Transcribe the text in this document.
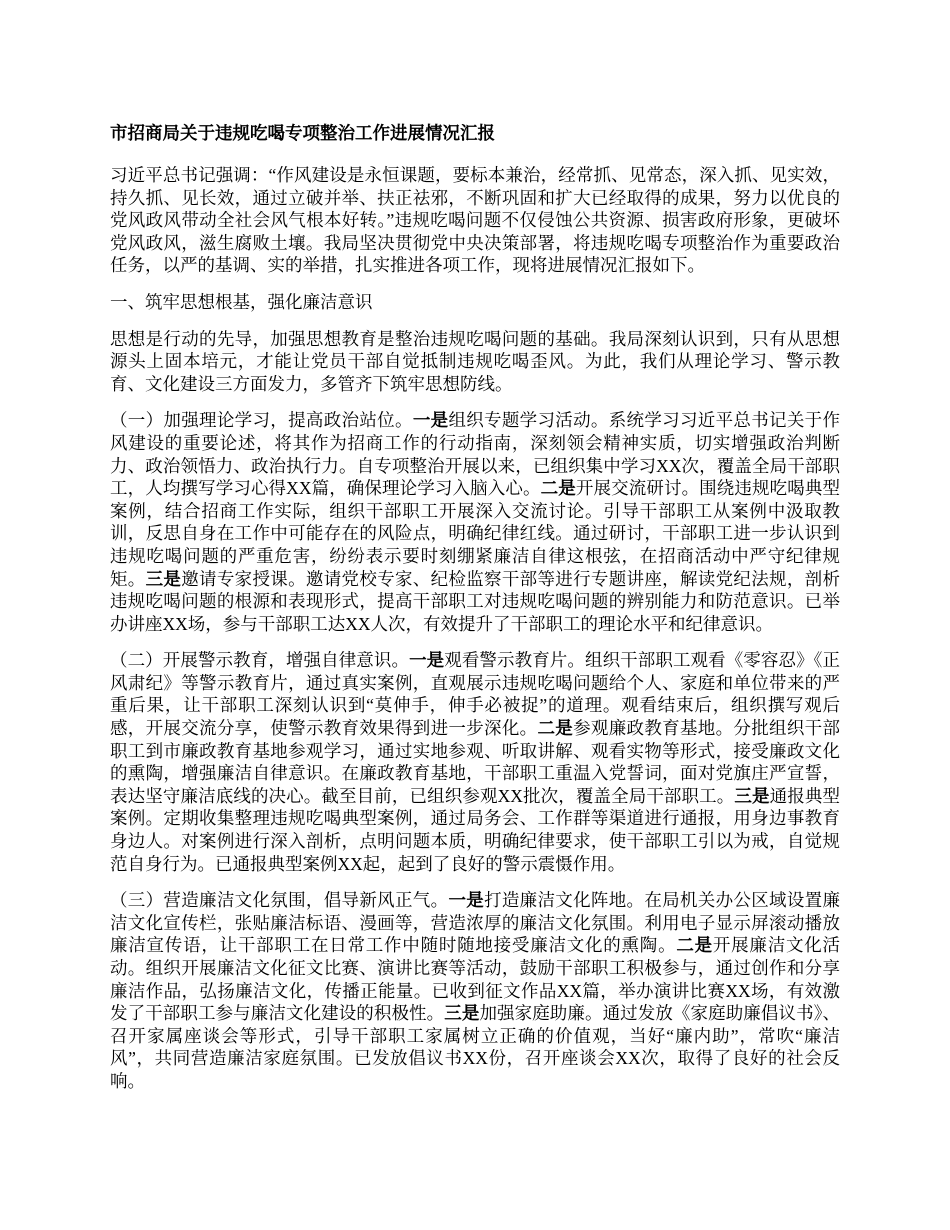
市招商局关于违规吃喝专项整治工作进展情况汇报

习近平总书记强调：“作风建设是永恒课题，要标本兼治，经常抓、见常态，深入抓、见实效，持久抓、见长效，通过立破并举、扶正祛邪，不断巩固和扩大已经取得的成果，努力以优良的党风政风带动全社会风气根本好转。”违规吃喝问题不仅侵蚀公共资源、损害政府形象，更破坏党风政风，滋生腐败土壤。我局坚决贯彻党中央决策部署，将违规吃喝专项整治作为重要政治任务，以严的基调、实的举措，扎实推进各项工作，现将进展情况汇报如下。

一、筑牢思想根基，强化廉洁意识

思想是行动的先导，加强思想教育是整治违规吃喝问题的基础。我局深刻认识到，只有从思想源头上固本培元，才能让党员干部自觉抵制违规吃喝歪风。为此，我们从理论学习、警示教育、文化建设三方面发力，多管齐下筑牢思想防线。

（一）加强理论学习，提高政治站位。一是组织专题学习活动。系统学习习近平总书记关于作风建设的重要论述，将其作为招商工作的行动指南，深刻领会精神实质，切实增强政治判断力、政治领悟力、政治执行力。自专项整治开展以来，已组织集中学习XX次，覆盖全局干部职工，人均撰写学习心得XX篇，确保理论学习入脑入心。二是开展交流研讨。围绕违规吃喝典型案例，结合招商工作实际，组织干部职工开展深入交流讨论。引导干部职工从案例中汲取教训，反思自身在工作中可能存在的风险点，明确纪律红线。通过研讨，干部职工进一步认识到违规吃喝问题的严重危害，纷纷表示要时刻绷紧廉洁自律这根弦，在招商活动中严守纪律规矩。三是邀请专家授课。邀请党校专家、纪检监察干部等进行专题讲座，解读党纪法规，剖析违规吃喝问题的根源和表现形式，提高干部职工对违规吃喝问题的辨别能力和防范意识。已举办讲座XX场，参与干部职工达XX人次，有效提升了干部职工的理论水平和纪律意识。

（二）开展警示教育，增强自律意识。一是观看警示教育片。组织干部职工观看《零容忍》《正风肃纪》等警示教育片，通过真实案例，直观展示违规吃喝问题给个人、家庭和单位带来的严重后果，让干部职工深刻认识到“莫伸手，伸手必被捉”的道理。观看结束后，组织撰写观后感，开展交流分享，使警示教育效果得到进一步深化。二是参观廉政教育基地。分批组织干部职工到市廉政教育基地参观学习，通过实地参观、听取讲解、观看实物等形式，接受廉政文化的熏陶，增强廉洁自律意识。在廉政教育基地，干部职工重温入党誓词，面对党旗庄严宣誓，表达坚守廉洁底线的决心。截至目前，已组织参观XX批次，覆盖全局干部职工。三是通报典型案例。定期收集整理违规吃喝典型案例，通过局务会、工作群等渠道进行通报，用身边事教育身边人。对案例进行深入剖析，点明问题本质，明确纪律要求，使干部职工引以为戒，自觉规范自身行为。已通报典型案例XX起，起到了良好的警示震慑作用。

（三）营造廉洁文化氛围，倡导新风正气。一是打造廉洁文化阵地。在局机关办公区域设置廉洁文化宣传栏，张贴廉洁标语、漫画等，营造浓厚的廉洁文化氛围。利用电子显示屏滚动播放廉洁宣传语，让干部职工在日常工作中随时随地接受廉洁文化的熏陶。二是开展廉洁文化活动。组织开展廉洁文化征文比赛、演讲比赛等活动，鼓励干部职工积极参与，通过创作和分享廉洁作品，弘扬廉洁文化，传播正能量。已收到征文作品XX篇，举办演讲比赛XX场，有效激发了干部职工参与廉洁文化建设的积极性。三是加强家庭助廉。通过发放《家庭助廉倡议书》、召开家属座谈会等形式，引导干部职工家属树立正确的价值观，当好“廉内助”，常吹“廉洁风”，共同营造廉洁家庭氛围。已发放倡议书XX份，召开座谈会XX次，取得了良好的社会反响。
